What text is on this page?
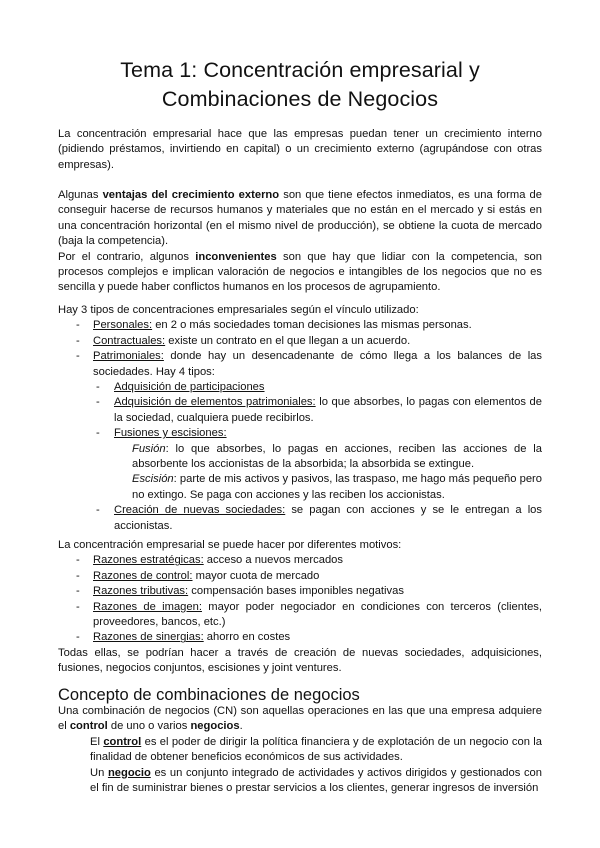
Tema 1: Concentración empresarial y Combinaciones de Negocios

La concentración empresarial hace que las empresas puedan tener un crecimiento interno (pidiendo préstamos, invirtiendo en capital) o un crecimiento externo (agrupándose con otras empresas).

Algunas ventajas del crecimiento externo son que tiene efectos inmediatos, es una forma de conseguir hacerse de recursos humanos y materiales que no están en el mercado y si estás en una concentración horizontal (en el mismo nivel de producción), se obtiene la cuota de mercado (baja la competencia).

Por el contrario, algunos inconvenientes son que hay que lidiar con la competencia, son procesos complejos e implican valoración de negocios e intangibles de los negocios que no es sencilla y puede haber conflictos humanos en los procesos de agrupamiento.

Hay 3 tipos de concentraciones empresariales según el vínculo utilizado:

- Personales: en 2 o más sociedades toman decisiones las mismas personas.
- Contractuales: existe un contrato en el que llegan a un acuerdo.
- Patrimoniales: donde hay un desencadenante de cómo llega a los balances de las sociedades. Hay 4 tipos:
- Adquisición de participaciones
- Adquisición de elementos patrimoniales: lo que absorbes, lo pagas con elementos de la sociedad, cualquiera puede recibirlos.
- Fusiones y escisiones:
Fusión: lo que absorbes, lo pagas en acciones, reciben las acciones de la absorbente los accionistas de la absorbida; la absorbida se extingue.
Escisión: parte de mis activos y pasivos, las traspaso, me hago más pequeño pero no extingo. Se paga con acciones y las reciben los accionistas.
- Creación de nuevas sociedades: se pagan con acciones y se le entregan a los accionistas.

La concentración empresarial se puede hacer por diferentes motivos:

- Razones estratégicas: acceso a nuevos mercados
- Razones de control: mayor cuota de mercado
- Razones tributivas: compensación bases imponibles negativas
- Razones de imagen: mayor poder negociador en condiciones con terceros (clientes, proveedores, bancos, etc.)
- Razones de sinergias: ahorro en costes

Todas ellas, se podrían hacer a través de creación de nuevas sociedades, adquisiciones, fusiones, negocios conjuntos, escisiones y joint ventures.

Concepto de combinaciones de negocios

Una combinación de negocios (CN) son aquellas operaciones en las que una empresa adquiere el control de uno o varios negocios.

El control es el poder de dirigir la política financiera y de explotación de un negocio con la finalidad de obtener beneficios económicos de sus actividades.

Un negocio es un conjunto integrado de actividades y activos dirigidos y gestionados con el fin de suministrar bienes o prestar servicios a los clientes, generar ingresos de inversión
